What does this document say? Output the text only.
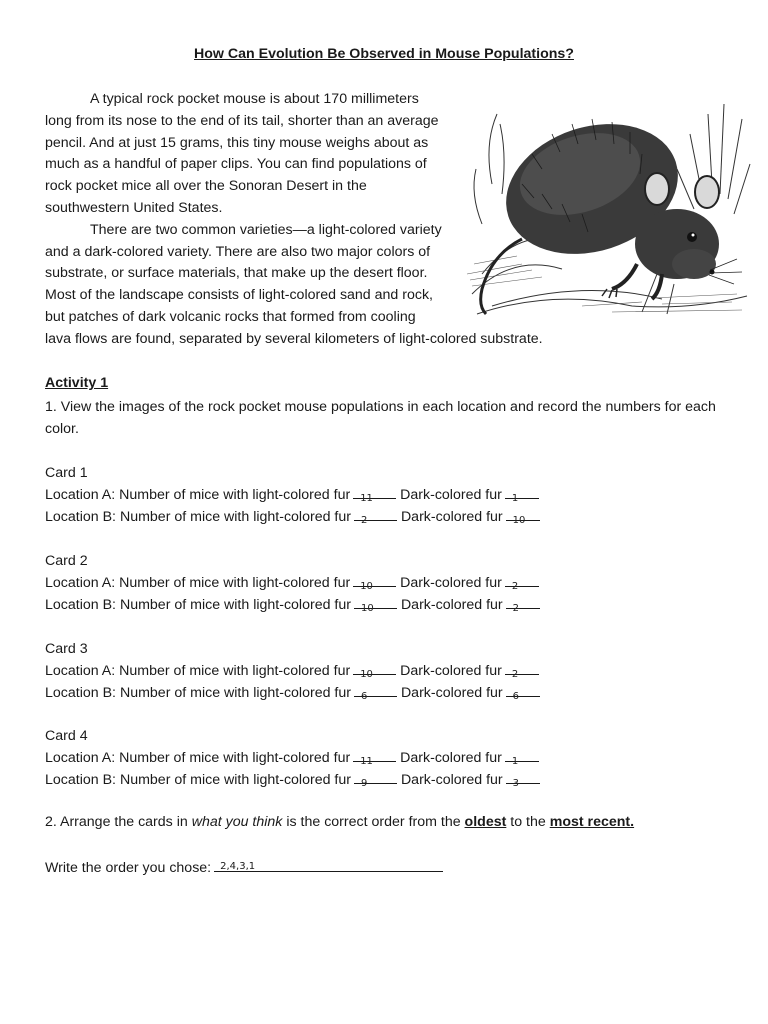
How Can Evolution Be Observed in Mouse Populations?

A typical rock pocket mouse is about 170 millimeters

long from its nose to the end of its tail, shorter than an average

pencil. And at just 15 grams, this tiny mouse weighs about as

much as a handful of paper clips. You can find populations of

rock pocket mice all over the Sonoran Desert in the

southwestern United States.

There are two common varieties—a light-colored variety

and a dark-colored variety. There are also two major colors of

substrate, or surface materials, that make up the desert floor.

Most of the landscape consists of light-colored sand and rock,

but patches of dark volcanic rocks that formed from cooling

lava flows are found, separated by several kilometers of light-colored substrate.

Activity 1
1. View the images of the rock pocket mouse populations in each location and record the numbers for each color.
Card 1
Location A: Number of mice with light-colored fur 11 Dark-colored fur 1
Location B: Number of mice with light-colored fur 2 Dark-colored fur 10
Card 2
Location A: Number of mice with light-colored fur 10 Dark-colored fur 2
Location B: Number of mice with light-colored fur 10 Dark-colored fur 2
Card 3
Location A: Number of mice with light-colored fur 10 Dark-colored fur 2
Location B: Number of mice with light-colored fur 6 Dark-colored fur 6
Card 4
Location A: Number of mice with light-colored fur 11 Dark-colored fur 1
Location B: Number of mice with light-colored fur 9 Dark-colored fur 3
2. Arrange the cards in what you think is the correct order from the oldest to the most recent.
Write the order you chose: 2,4,3,1
